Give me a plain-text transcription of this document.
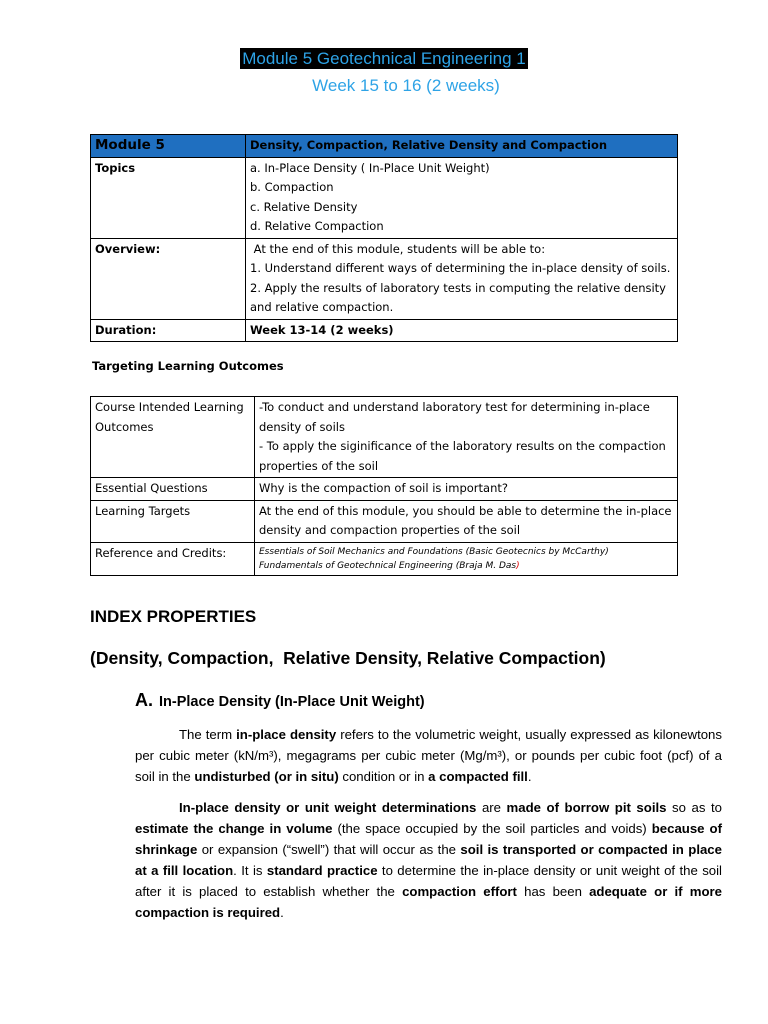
Module 5 Geotechnical Engineering 1
Week 15 to 16 (2 weeks)
Module 5	Density, Compaction, Relative Density and Compaction
Topics	a. In-Place Density ( In-Place Unit Weight)
b. Compaction
c. Relative Density
d. Relative Compaction

Overview:	At the end of this module, students will be able to:
1. Understand different ways of determining the in-place density of soils.
2. Apply the results of laboratory tests in computing the relative density and relative compaction.

Duration:	Week 13-14 (2 weeks)
Targeting Learning Outcomes
Course Intended Learning Outcomes	-To conduct and understand laboratory test for determining in-place density of soils
- To apply the siginificance of the laboratory results on the compaction properties of the soil

Essential Questions	Why is the compaction of soil is important?
Learning Targets	At the end of this module, you should be able to determine the in-place density and compaction properties of the soil
Reference and Credits:	Essentials of Soil Mechanics and Foundations (Basic Geotecnics by McCarthy)
Fundamentals of Geotechnical Engineering (Braja M. Das)
INDEX PROPERTIES
(Density, Compaction,  Relative Density, Relative Compaction)
A. In-Place Density (In-Place Unit Weight)
The term in-place density refers to the volumetric weight, usually expressed as kilonewtons per cubic meter (kN/m³), megagrams per cubic meter (Mg/m³), or pounds per cubic foot (pcf) of a soil in the undisturbed (or in situ) condition or in a compacted fill.
In-place density or unit weight determinations are made of borrow pit soils so as to estimate the change in volume (the space occupied by the soil particles and voids) because of shrinkage or expansion (“swell”) that will occur as the soil is transported or compacted in place at a fill location. It is standard practice to determine the in-place density or unit weight of the soil after it is placed to establish whether the compaction effort has been adequate or if more compaction is required.
